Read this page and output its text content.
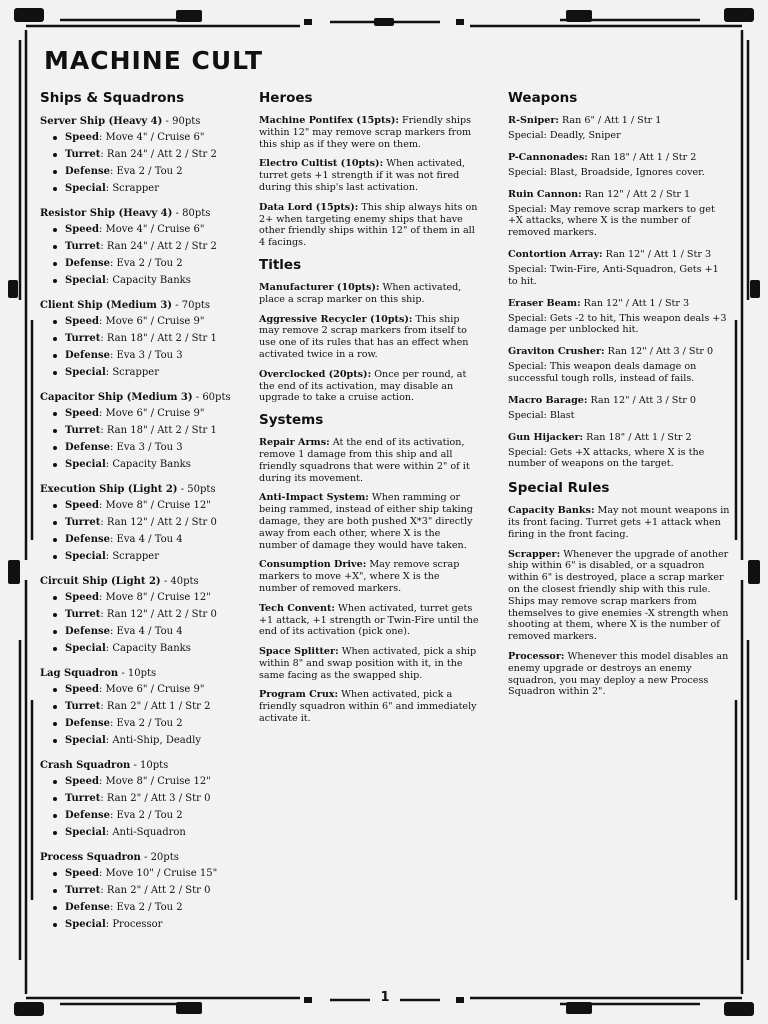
MACHINE CULT
Ships & Squadrons
Server Ship (Heavy 4) - 90pts
Speed: Move 4" / Cruise 6"
Turret: Ran 24" / Att 2 / Str 2
Defense: Eva 2 / Tou 2
Special: Scrapper
Resistor Ship (Heavy 4) - 80pts
Speed: Move 4" / Cruise 6"
Turret: Ran 24" / Att 2 / Str 2
Defense: Eva 2 / Tou 2
Special: Capacity Banks
Client Ship (Medium 3) - 70pts
Speed: Move 6" / Cruise 9"
Turret: Ran 18" / Att 2 / Str 1
Defense: Eva 3 / Tou 3
Special: Scrapper
Capacitor Ship (Medium 3) - 60pts
Speed: Move 6" / Cruise 9"
Turret: Ran 18" / Att 2 / Str 1
Defense: Eva 3 / Tou 3
Special: Capacity Banks
Execution Ship (Light 2) - 50pts
Speed: Move 8" / Cruise 12"
Turret: Ran 12" / Att 2 / Str 0
Defense: Eva 4 / Tou 4
Special: Scrapper
Circuit Ship (Light 2) - 40pts
Speed: Move 8" / Cruise 12"
Turret: Ran 12" / Att 2 / Str 0
Defense: Eva 4 / Tou 4
Special: Capacity Banks
Lag Squadron - 10pts
Speed: Move 6" / Cruise 9"
Turret: Ran 2" / Att 1 / Str 2
Defense: Eva 2 / Tou 2
Special: Anti-Ship, Deadly
Crash Squadron - 10pts
Speed: Move 8" / Cruise 12"
Turret: Ran 2" / Att 3 / Str 0
Defense: Eva 2 / Tou 2
Special: Anti-Squadron
Process Squadron - 20pts
Speed: Move 10" / Cruise 15"
Turret: Ran 2" / Att 2 / Str 0
Defense: Eva 2 / Tou 2
Special: Processor
Heroes
Machine Pontifex (15pts): Friendly ships within 12" may remove scrap markers from this ship as if they were on them.
Electro Cultist (10pts): When activated, turret gets +1 strength if it was not fired during this ship's last activation.
Data Lord (15pts): This ship always hits on 2+ when targeting enemy ships that have other friendly ships within 12" of them in all 4 facings.
Titles
Manufacturer (10pts): When activated, place a scrap marker on this ship.
Aggressive Recycler (10pts): This ship may remove 2 scrap markers from itself to use one of its rules that has an effect when activated twice in a row.
Overclocked (20pts): Once per round, at the end of its activation, may disable an upgrade to take a cruise action.
Systems
Repair Arms: At the end of its activation, remove 1 damage from this ship and all friendly squadrons that were within 2" of it during its movement.
Anti-Impact System: When ramming or being rammed, instead of either ship taking damage, they are both pushed X*3" directly away from each other, where X is the number of damage they would have taken.
Consumption Drive: May remove scrap markers to move +X", where X is the number of removed markers.
Tech Convent: When activated, turret gets +1 attack, +1 strength or Twin-Fire until the end of its activation (pick one).
Space Splitter: When activated, pick a ship within 8" and swap position with it, in the same facing as the swapped ship.
Program Crux: When activated, pick a friendly squadron within 6" and immediately activate it.
Weapons
R-Sniper: Ran 6" / Att 1 / Str 1
Special: Deadly, Sniper
P-Cannonades: Ran 18" / Att 1 / Str 2
Special: Blast, Broadside, Ignores cover.
Ruin Cannon: Ran 12" / Att 2 / Str 1
Special: May remove scrap markers to get +X attacks, where X is the number of removed markers.
Contortion Array: Ran 12" / Att 1 / Str 3
Special: Twin-Fire, Anti-Squadron, Gets +1 to hit.
Eraser Beam: Ran 12" / Att 1 / Str 3
Special: Gets -2 to hit, This weapon deals +3 damage per unblocked hit.
Graviton Crusher: Ran 12" / Att 3 / Str 0
Special: This weapon deals damage on successful tough rolls, instead of fails.
Macro Barage: Ran 12" / Att 3 / Str 0
Special: Blast
Gun Hijacker: Ran 18" / Att 1 / Str 2
Special: Gets +X attacks, where X is the number of weapons on the target.
Special Rules
Capacity Banks: May not mount weapons in its front facing. Turret gets +1 attack when firing in the front facing.
Scrapper: Whenever the upgrade of another ship within 6" is disabled, or a squadron within 6" is destroyed, place a scrap marker on the closest friendly ship with this rule. Ships may remove scrap markers from themselves to give enemies -X strength when shooting at them, where X is the number of removed markers.
Processor: Whenever this model disables an enemy upgrade or destroys an enemy squadron, you may deploy a new Process Squadron within 2".
1
